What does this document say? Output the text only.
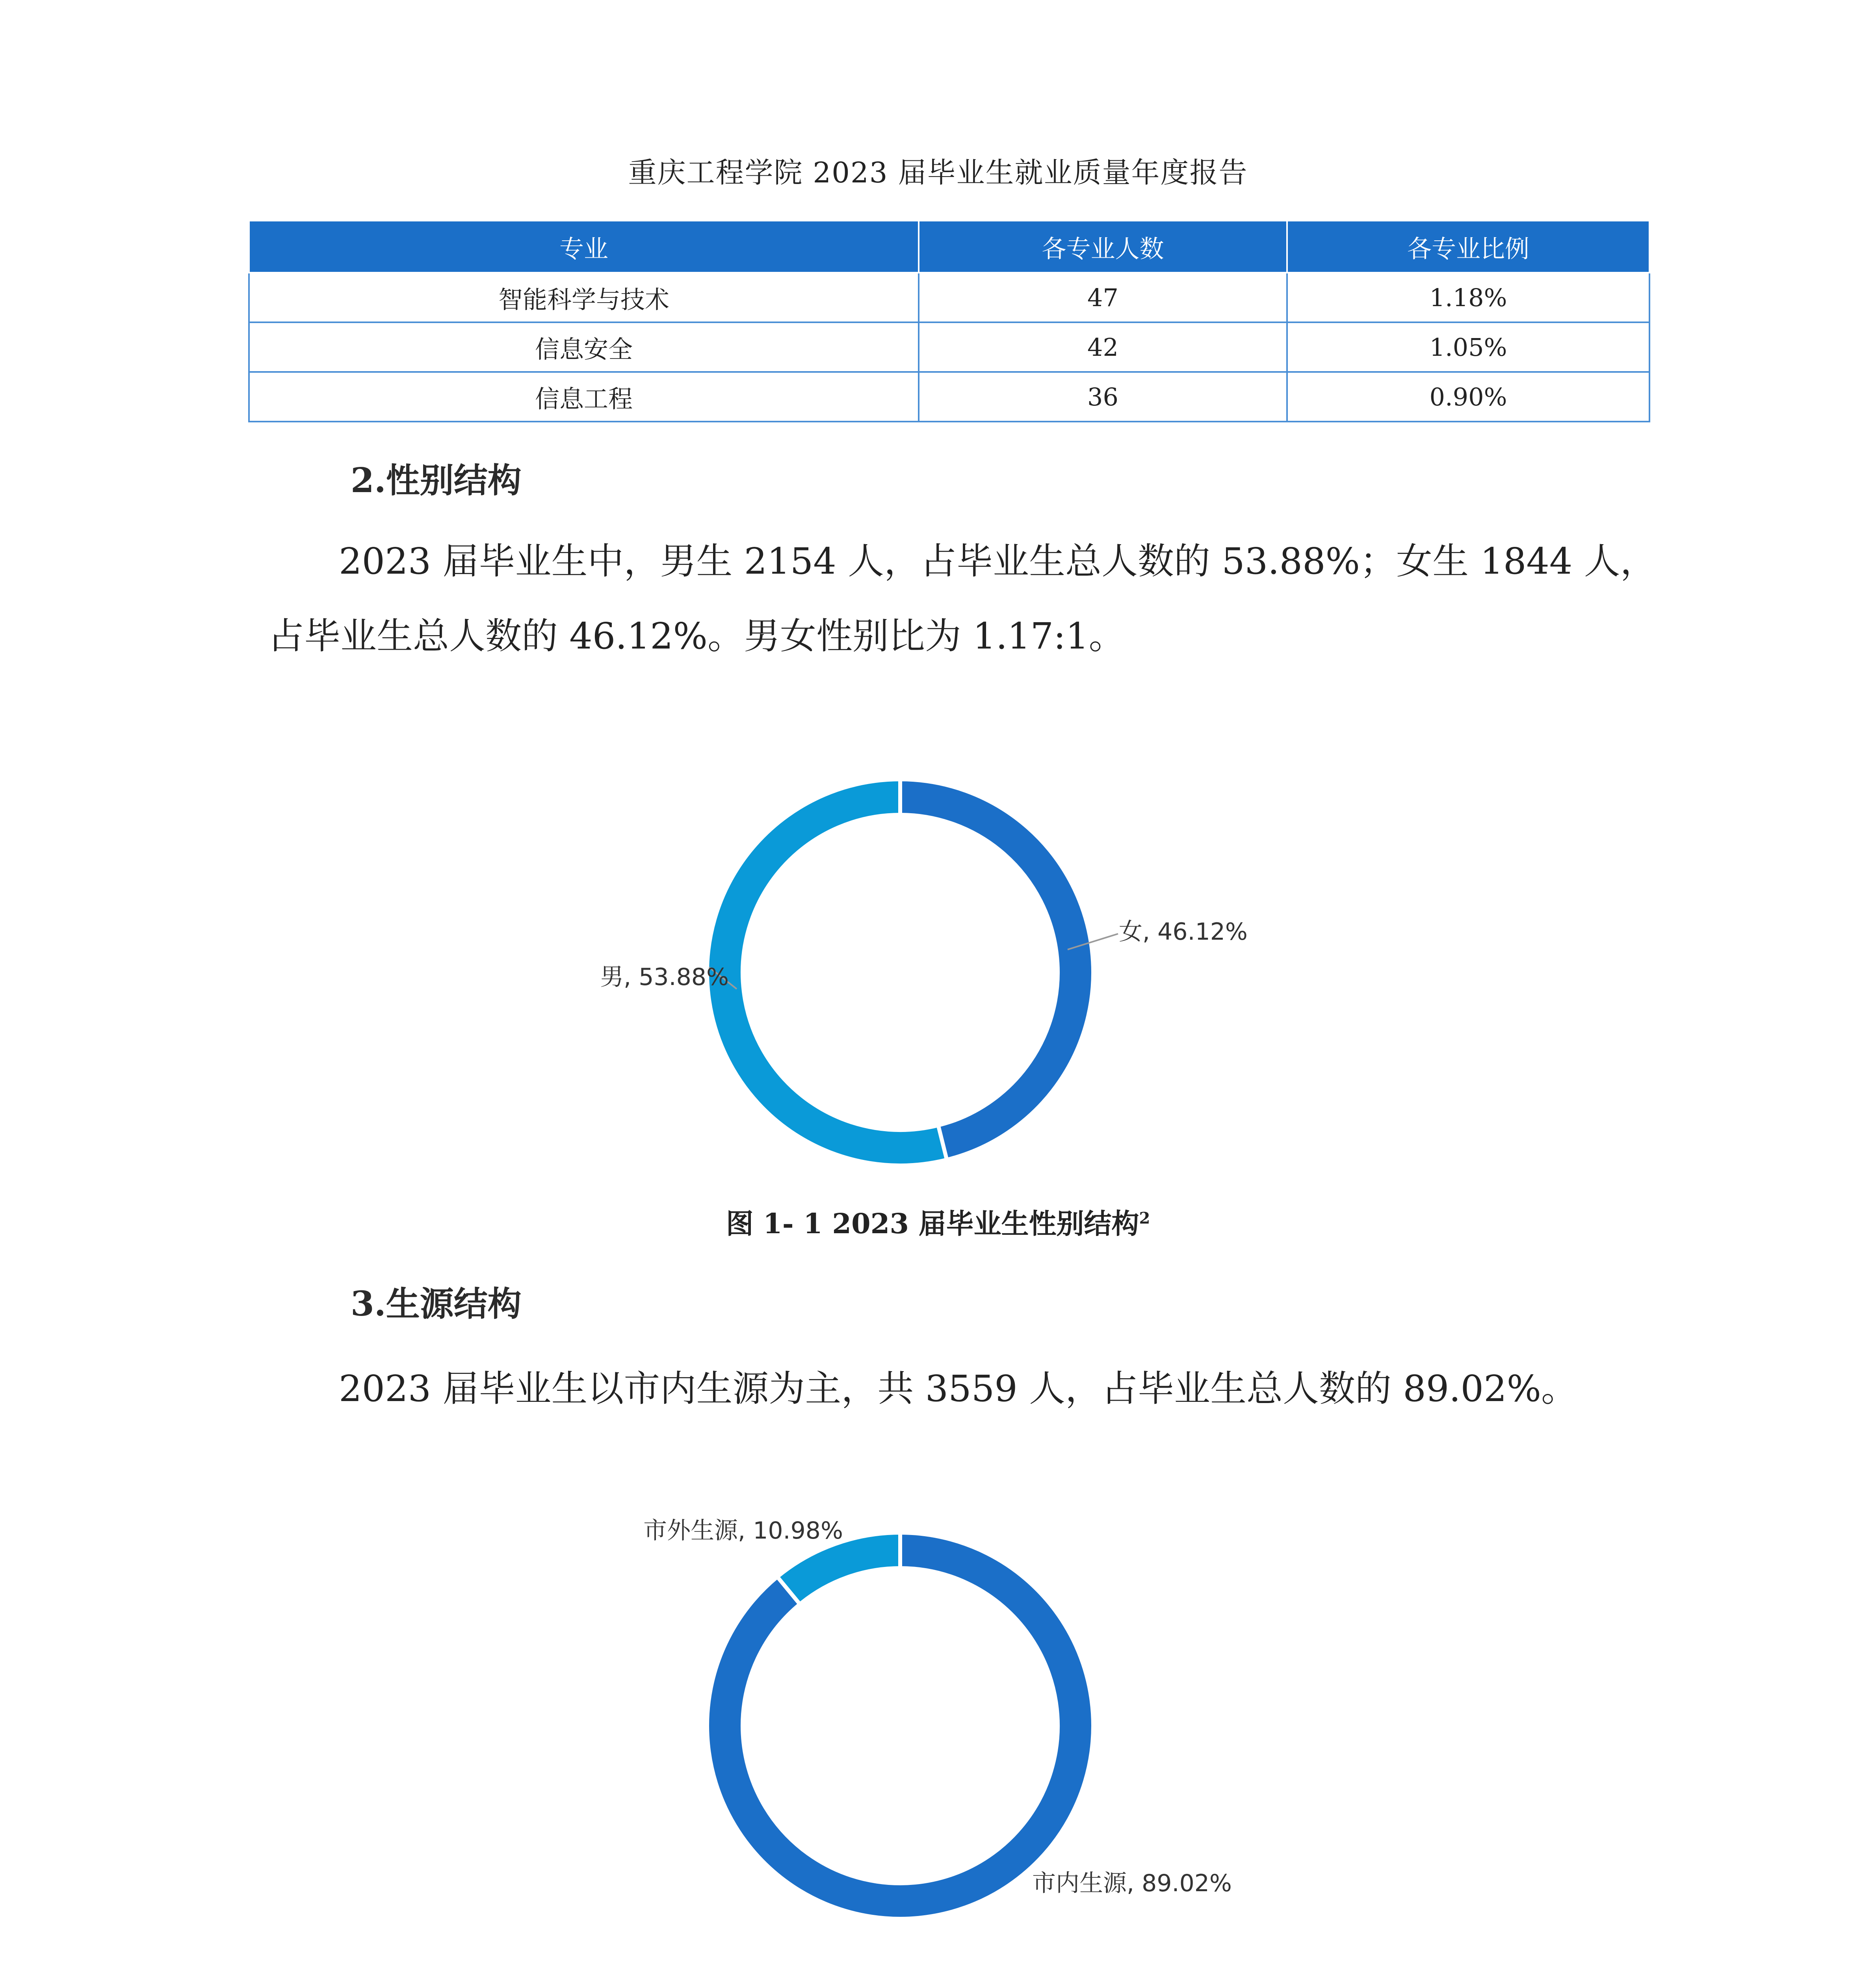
重庆工程学院 2023 届毕业生就业质量年度报告
专业	各专业人数	各专业比例
智能科学与技术	47	1.18%
信息安全	42	1.05%
信息工程	36	0.90%
2.性别结构
2023 届毕业生中，男生 2154 人，占毕业生总人数的 53.88%；女生 1844 人，
占毕业生总人数的 46.12%。男女性别比为 1.17:1。
女, 46.12%
男, 53.88%
市内生源, 89.02%
市外生源, 10.98%
图 1- 1 2023 届毕业生性别结构$^2$
3.生源结构
2023 届毕业生以市内生源为主，共 3559 人，占毕业生总人数的 89.02%。
